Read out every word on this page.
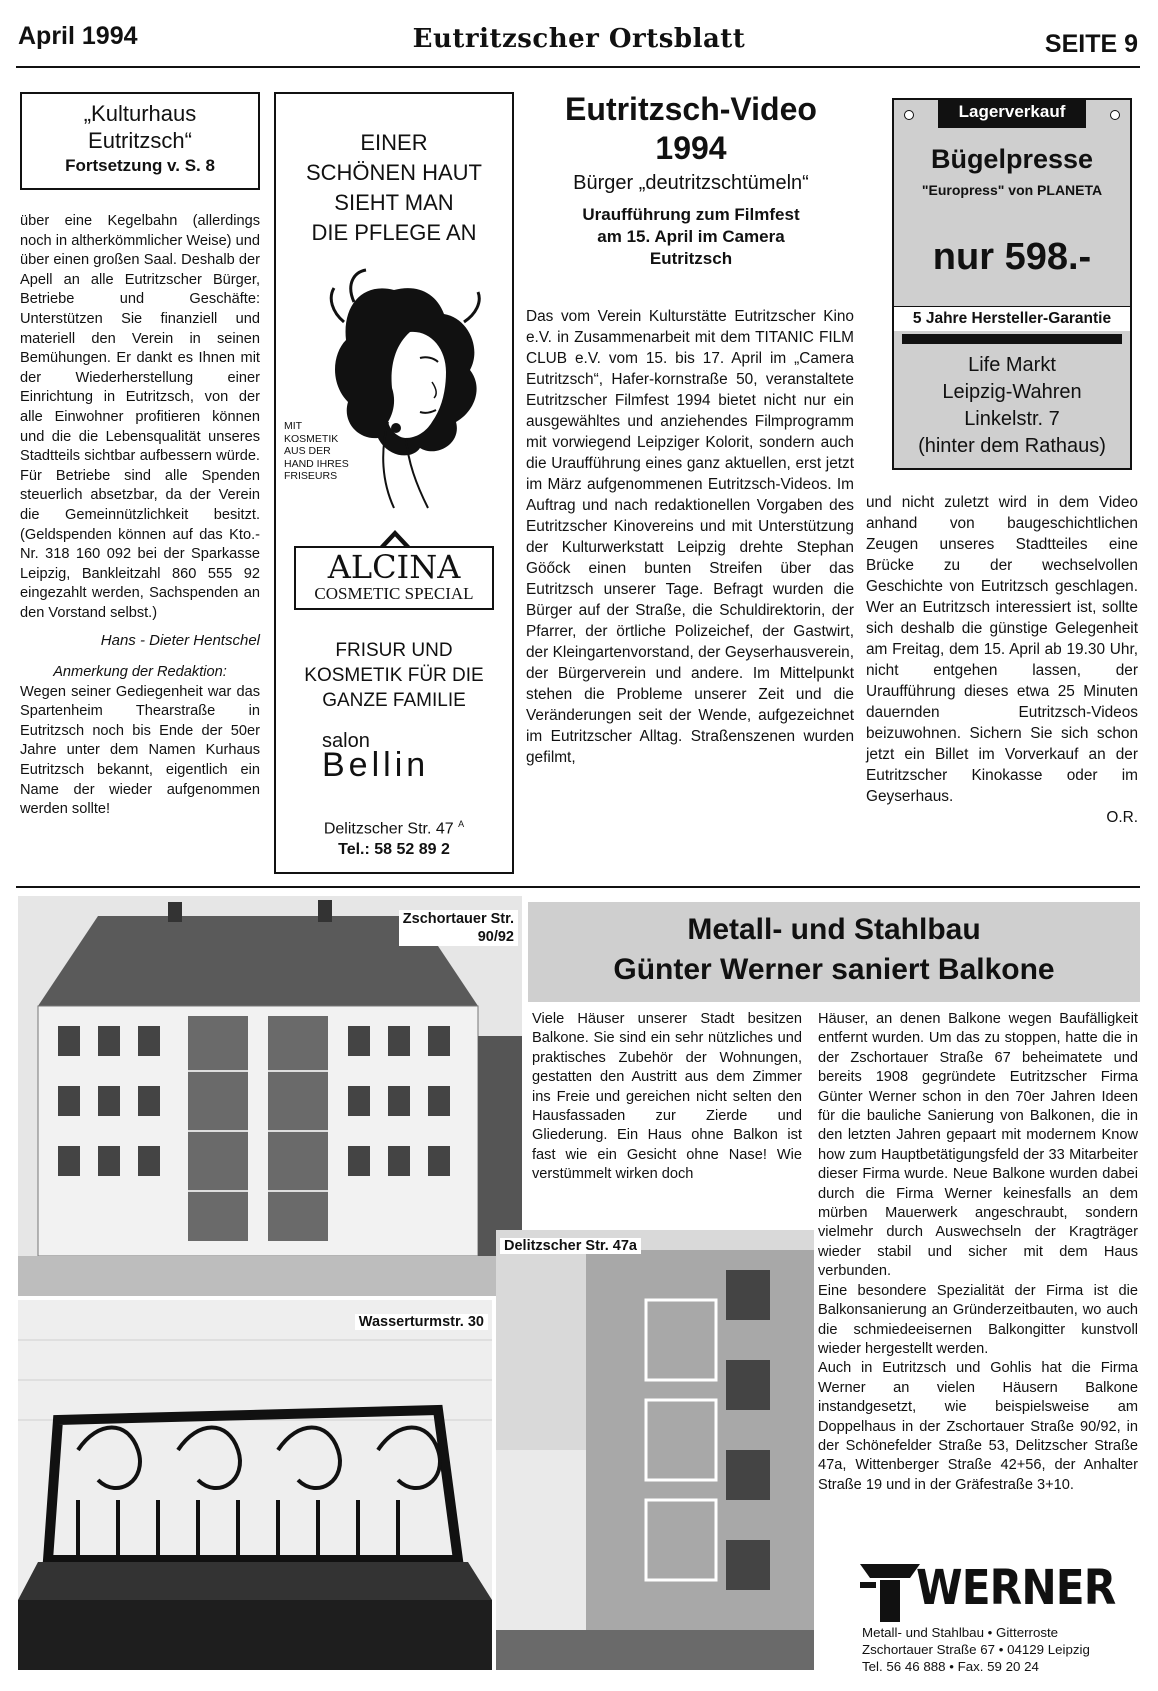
April 1994	Eutritzscher Ortsblatt	SEITE 9
„Kulturhaus
Eutritzsch“
Fortsetzung v. S. 8

über eine Kegelbahn (allerdings noch in altherkömmlicher Weise) und über einen großen Saal. Deshalb der Apell an alle Eutritzscher Bürger, Betriebe und Geschäfte: Unterstützen Sie finanziell und materiell den Verein in seinen Bemühungen. Er dankt es Ihnen mit der Wiederherstellung einer Einrichtung in Eutritzsch, von der alle Einwohner profitieren können und die die Lebensqualität unseres Stadtteils sichtbar aufbessern würde. Für Betriebe sind alle Spenden steuerlich absetzbar, da der Verein die Gemeinnützlichkeit besitzt. (Geldspenden können auf das Kto.-Nr. 318 160 092 bei der Sparkasse Leipzig, Bankleitzahl 860 555 92 eingezahlt werden, Sachspenden an den Vorstand selbst.)

Hans - Dieter Hentschel
Anmerkung der Redaktion:

Wegen seiner Gediegenheit war das Spartenheim Thearstraße in Eutritzsch noch bis Ende der 50er Jahre unter dem Namen Kurhaus Eutritzsch bekannt, eigentlich ein Name der wieder aufgenommen werden sollte!

EINER
SCHÖNEN HAUT
SIEHT MAN
DIE PFLEGE AN
MIT
KOSMETIK
AUS DER
HAND IHRES
FRISEURS
ALCINA
COSMETIC SPECIAL
FRISUR UND
KOSMETIK FÜR DIE
GANZE FAMILIE
salon
Bellin
Delitzscher Str. 47 $^A$
Tel.: 58 52 89 2
Eutritzsch-Video
1994
Bürger „deutritzschtümeln“
Uraufführung zum Filmfest
am 15. April im Camera
Eutritzsch

Das vom Verein Kulturstätte Eutritzscher Kino e.V. in Zusammenarbeit mit dem TITANIC FILM CLUB e.V. vom 15. bis 17. April im „Camera Eutritzsch“, Hafer-kornstraße 50, veranstaltete Eutritzscher Filmfest 1994 bietet nicht nur ein ausgewähltes und anziehendes Filmprogramm mit vorwiegend Leipziger Kolorit, sondern auch die Uraufführung eines ganz aktuellen, erst jetzt im März aufgenommenen Eutritzsch-Videos. Im Auftrag und nach redaktionellen Vorgaben des Eutritzscher Kinovereins und mit Unterstützung der Kulturwerkstatt Leipzig drehte Stephan Göőck einen bunten Streifen über das Eutritzsch unserer Tage. Befragt wurden die Bürger auf der Straße, die Schuldirektorin, der Pfarrer, der örtliche Polizeichef, der Gastwirt, der Kleingartenvorstand, der Geyserhausverein, der Bürgerverein und andere. Im Mittelpunkt stehen die Probleme unserer Zeit und die Veränderungen seit der Wende, aufgezeichnet im Eutritzscher Alltag. Straßenszenen wurden gefilmt,

und nicht zuletzt wird in dem Video anhand von baugeschichtlichen Zeugen unseres Stadtteiles eine Brücke zu der wechselvollen Geschichte von Eutritzsch geschlagen. Wer an Eutritzsch interessiert ist, sollte sich deshalb die günstige Gelegenheit am Freitag, dem 15. April ab 19.30 Uhr, nicht entgehen lassen, der Uraufführung dieses etwa 25 Minuten dauernden Eutritzsch-Videos beizuwohnen. Sichern Sie sich schon jetzt ein Billet im Vorverkauf an der Eutritzscher Kinokasse oder im Geyserhaus.

O.R.
Lagerverkauf
Bügelpresse
"Europress" von PLANETA
nur 598.-
5 Jahre Hersteller-Garantie
Life Markt
Leipzig-Wahren
Linkelstr. 7
(hinter dem Rathaus)
Zschortauer Str.
90/92
Wasserturmstr. 30
Delitzscher Str. 47a
Metall- und Stahlbau
Günter Werner saniert Balkone

Viele Häuser unserer Stadt besitzen Balkone. Sie sind ein sehr nützliches und praktisches Zubehör der Wohnungen, gestatten den Austritt aus dem Zimmer ins Freie und gereichen nicht selten den Hausfassaden zur Zierde und Gliederung. Ein Haus ohne Balkon ist fast wie ein Gesicht ohne Nase! Wie verstümmelt wirken doch

Häuser, an denen Balkone wegen Baufälligkeit entfernt wurden. Um das zu stoppen, hatte die in der Zschortauer Straße 67 beheimatete und bereits 1908 gegründete Eutritzscher Firma Günter Werner schon in den 70er Jahren Ideen für die bauliche Sanierung von Balkonen, die in den letzten Jahren gepaart mit modernem Know how zum Hauptbetätigungsfeld der 33 Mitarbeiter dieser Firma wurde. Neue Balkone wurden dabei durch die Firma Werner keinesfalls an dem mürben Mauerwerk angeschraubt, sondern vielmehr durch Auswechseln der Kragträger wieder stabil und sicher mit dem Haus verbunden.

Eine besondere Spezialität der Firma ist die Balkonsanierung an Gründerzeitbauten, wo auch die schmiedeeisernen Balkongitter kunstvoll wieder hergestellt werden.

Auch in Eutritzsch und Gohlis hat die Firma Werner an vielen Häusern Balkone instandgesetzt, wie beispielsweise am Doppelhaus in der Zschortauer Straße 90/92, in der Schönefelder Straße 53, Delitzscher Straße 47a, Wittenberger Straße 42+56, der Anhalter Straße 19 und in der Gräfestraße 3+10.

WERNER
Metall- und Stahlbau • Gitterroste
Zschortauer Straße 67 • 04129 Leipzig
Tel. 56 46 888 • Fax. 59 20 24
